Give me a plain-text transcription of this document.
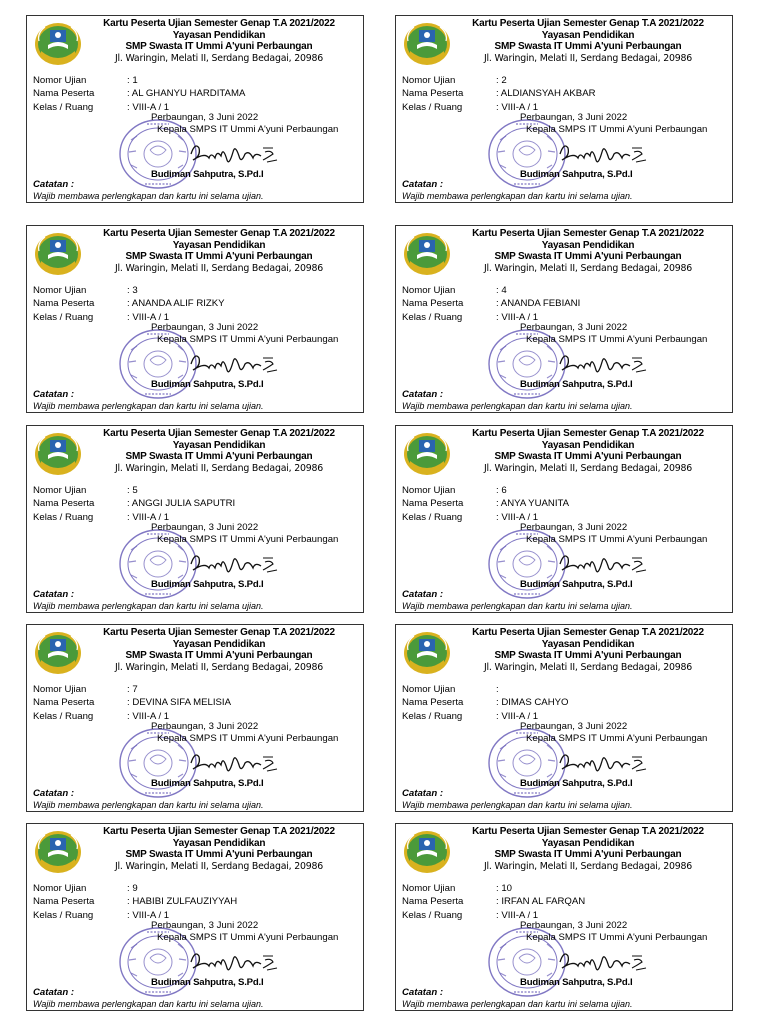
Kartu Peserta Ujian Semester Genap T.A 2021/2022
Yayasan Pendidikan
SMP Swasta IT Ummi A'yuni Perbaungan
Jl. Waringin, Melati II, Serdang Bedagai, 20986
Nomor Ujian	: 1
Nama Peserta	: AL GHANYU HARDITAMA
Kelas / Ruang	: VIII-A / 1
Perbaungan, 3 Juni 2022
Kepala SMPS IT Ummi A'yuni Perbaungan
Budiman Sahputra, S.Pd.I
Catatan :
Wajib membawa perlengkapan dan kartu ini selama ujian.
Kartu Peserta Ujian Semester Genap T.A 2021/2022
Yayasan Pendidikan
SMP Swasta IT Ummi A'yuni Perbaungan
Jl. Waringin, Melati II, Serdang Bedagai, 20986
Nomor Ujian	: 2
Nama Peserta	: ALDIANSYAH AKBAR
Kelas / Ruang	: VIII-A / 1
Perbaungan, 3 Juni 2022
Kepala SMPS IT Ummi A'yuni Perbaungan
Budiman Sahputra, S.Pd.I
Catatan :
Wajib membawa perlengkapan dan kartu ini selama ujian.
Kartu Peserta Ujian Semester Genap T.A 2021/2022
Yayasan Pendidikan
SMP Swasta IT Ummi A'yuni Perbaungan
Jl. Waringin, Melati II, Serdang Bedagai, 20986
Nomor Ujian	: 3
Nama Peserta	: ANANDA ALIF RIZKY
Kelas / Ruang	: VIII-A / 1
Perbaungan, 3 Juni 2022
Kepala SMPS IT Ummi A'yuni Perbaungan
Budiman Sahputra, S.Pd.I
Catatan :
Wajib membawa perlengkapan dan kartu ini selama ujian.
Kartu Peserta Ujian Semester Genap T.A 2021/2022
Yayasan Pendidikan
SMP Swasta IT Ummi A'yuni Perbaungan
Jl. Waringin, Melati II, Serdang Bedagai, 20986
Nomor Ujian	: 4
Nama Peserta	: ANANDA FEBIANI
Kelas / Ruang	: VIII-A / 1
Perbaungan, 3 Juni 2022
Kepala SMPS IT Ummi A'yuni Perbaungan
Budiman Sahputra, S.Pd.I
Catatan :
Wajib membawa perlengkapan dan kartu ini selama ujian.
Kartu Peserta Ujian Semester Genap T.A 2021/2022
Yayasan Pendidikan
SMP Swasta IT Ummi A'yuni Perbaungan
Jl. Waringin, Melati II, Serdang Bedagai, 20986
Nomor Ujian	: 5
Nama Peserta	: ANGGI JULIA SAPUTRI
Kelas / Ruang	: VIII-A / 1
Perbaungan, 3 Juni 2022
Kepala SMPS IT Ummi A'yuni Perbaungan
Budiman Sahputra, S.Pd.I
Catatan :
Wajib membawa perlengkapan dan kartu ini selama ujian.
Kartu Peserta Ujian Semester Genap T.A 2021/2022
Yayasan Pendidikan
SMP Swasta IT Ummi A'yuni Perbaungan
Jl. Waringin, Melati II, Serdang Bedagai, 20986
Nomor Ujian	: 6
Nama Peserta	: ANYA YUANITA
Kelas / Ruang	: VIII-A / 1
Perbaungan, 3 Juni 2022
Kepala SMPS IT Ummi A'yuni Perbaungan
Budiman Sahputra, S.Pd.I
Catatan :
Wajib membawa perlengkapan dan kartu ini selama ujian.
Kartu Peserta Ujian Semester Genap T.A 2021/2022
Yayasan Pendidikan
SMP Swasta IT Ummi A'yuni Perbaungan
Jl. Waringin, Melati II, Serdang Bedagai, 20986
Nomor Ujian	: 7
Nama Peserta	: DEVINA SIFA MELISIA
Kelas / Ruang	: VIII-A / 1
Perbaungan, 3 Juni 2022
Kepala SMPS IT Ummi A'yuni Perbaungan
Budiman Sahputra, S.Pd.I
Catatan :
Wajib membawa perlengkapan dan kartu ini selama ujian.
Kartu Peserta Ujian Semester Genap T.A 2021/2022
Yayasan Pendidikan
SMP Swasta IT Ummi A'yuni Perbaungan
Jl. Waringin, Melati II, Serdang Bedagai, 20986
Nomor Ujian	:
Nama Peserta	: DIMAS CAHYO
Kelas / Ruang	: VIII-A / 1
Perbaungan, 3 Juni 2022
Kepala SMPS IT Ummi A'yuni Perbaungan
Budiman Sahputra, S.Pd.I
Catatan :
Wajib membawa perlengkapan dan kartu ini selama ujian.
Kartu Peserta Ujian Semester Genap T.A 2021/2022
Yayasan Pendidikan
SMP Swasta IT Ummi A'yuni Perbaungan
Jl. Waringin, Melati II, Serdang Bedagai, 20986
Nomor Ujian	: 9
Nama Peserta	: HABIBI ZULFAUZIYYAH
Kelas / Ruang	: VIII-A / 1
Perbaungan, 3 Juni 2022
Kepala SMPS IT Ummi A'yuni Perbaungan
Budiman Sahputra, S.Pd.I
Catatan :
Wajib membawa perlengkapan dan kartu ini selama ujian.
Kartu Peserta Ujian Semester Genap T.A 2021/2022
Yayasan Pendidikan
SMP Swasta IT Ummi A'yuni Perbaungan
Jl. Waringin, Melati II, Serdang Bedagai, 20986
Nomor Ujian	: 10
Nama Peserta	: IRFAN AL FARQAN
Kelas / Ruang	: VIII-A / 1
Perbaungan, 3 Juni 2022
Kepala SMPS IT Ummi A'yuni Perbaungan
Budiman Sahputra, S.Pd.I
Catatan :
Wajib membawa perlengkapan dan kartu ini selama ujian.
